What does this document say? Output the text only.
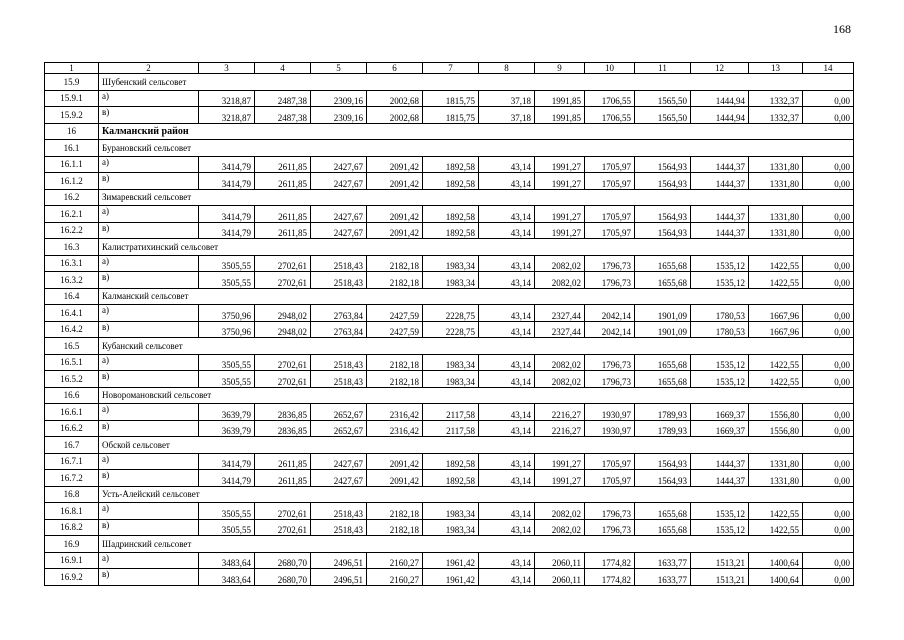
168
1	2	3	4	5	6	7	8	9	10	11	12	13	14
15.9	Шубенский сельсовет												
15.9.1	а)	3218,87	2487,38	2309,16	2002,68	1815,75	37,18	1991,85	1706,55	1565,50	1444,94	1332,37	0,00
15.9.2	в)	3218,87	2487,38	2309,16	2002,68	1815,75	37,18	1991,85	1706,55	1565,50	1444,94	1332,37	0,00
16	Калманский район												
16.1	Бурановский сельсовет												
16.1.1	а)	3414,79	2611,85	2427,67	2091,42	1892,58	43,14	1991,27	1705,97	1564,93	1444,37	1331,80	0,00
16.1.2	в)	3414,79	2611,85	2427,67	2091,42	1892,58	43,14	1991,27	1705,97	1564,93	1444,37	1331,80	0,00
16.2	Зимаревский сельсовет												
16.2.1	а)	3414,79	2611,85	2427,67	2091,42	1892,58	43,14	1991,27	1705,97	1564,93	1444,37	1331,80	0,00
16.2.2	в)	3414,79	2611,85	2427,67	2091,42	1892,58	43,14	1991,27	1705,97	1564,93	1444,37	1331,80	0,00
16.3	Калистратихинский сельсовет												
16.3.1	а)	3505,55	2702,61	2518,43	2182,18	1983,34	43,14	2082,02	1796,73	1655,68	1535,12	1422,55	0,00
16.3.2	в)	3505,55	2702,61	2518,43	2182,18	1983,34	43,14	2082,02	1796,73	1655,68	1535,12	1422,55	0,00
16.4	Калманский сельсовет												
16.4.1	а)	3750,96	2948,02	2763,84	2427,59	2228,75	43,14	2327,44	2042,14	1901,09	1780,53	1667,96	0,00
16.4.2	в)	3750,96	2948,02	2763,84	2427,59	2228,75	43,14	2327,44	2042,14	1901,09	1780,53	1667,96	0,00
16.5	Кубанский сельсовет												
16.5.1	а)	3505,55	2702,61	2518,43	2182,18	1983,34	43,14	2082,02	1796,73	1655,68	1535,12	1422,55	0,00
16.5.2	в)	3505,55	2702,61	2518,43	2182,18	1983,34	43,14	2082,02	1796,73	1655,68	1535,12	1422,55	0,00
16.6	Новоромановский сельсовет												
16.6.1	а)	3639,79	2836,85	2652,67	2316,42	2117,58	43,14	2216,27	1930,97	1789,93	1669,37	1556,80	0,00
16.6.2	в)	3639,79	2836,85	2652,67	2316,42	2117,58	43,14	2216,27	1930,97	1789,93	1669,37	1556,80	0,00
16.7	Обской сельсовет												
16.7.1	а)	3414,79	2611,85	2427,67	2091,42	1892,58	43,14	1991,27	1705,97	1564,93	1444,37	1331,80	0,00
16.7.2	в)	3414,79	2611,85	2427,67	2091,42	1892,58	43,14	1991,27	1705,97	1564,93	1444,37	1331,80	0,00
16.8	Усть-Алейский сельсовет												
16.8.1	а)	3505,55	2702,61	2518,43	2182,18	1983,34	43,14	2082,02	1796,73	1655,68	1535,12	1422,55	0,00
16.8.2	в)	3505,55	2702,61	2518,43	2182,18	1983,34	43,14	2082,02	1796,73	1655,68	1535,12	1422,55	0,00
16.9	Шадринский сельсовет												
16.9.1	а)	3483,64	2680,70	2496,51	2160,27	1961,42	43,14	2060,11	1774,82	1633,77	1513,21	1400,64	0,00
16.9.2	в)	3483,64	2680,70	2496,51	2160,27	1961,42	43,14	2060,11	1774,82	1633,77	1513,21	1400,64	0,00
